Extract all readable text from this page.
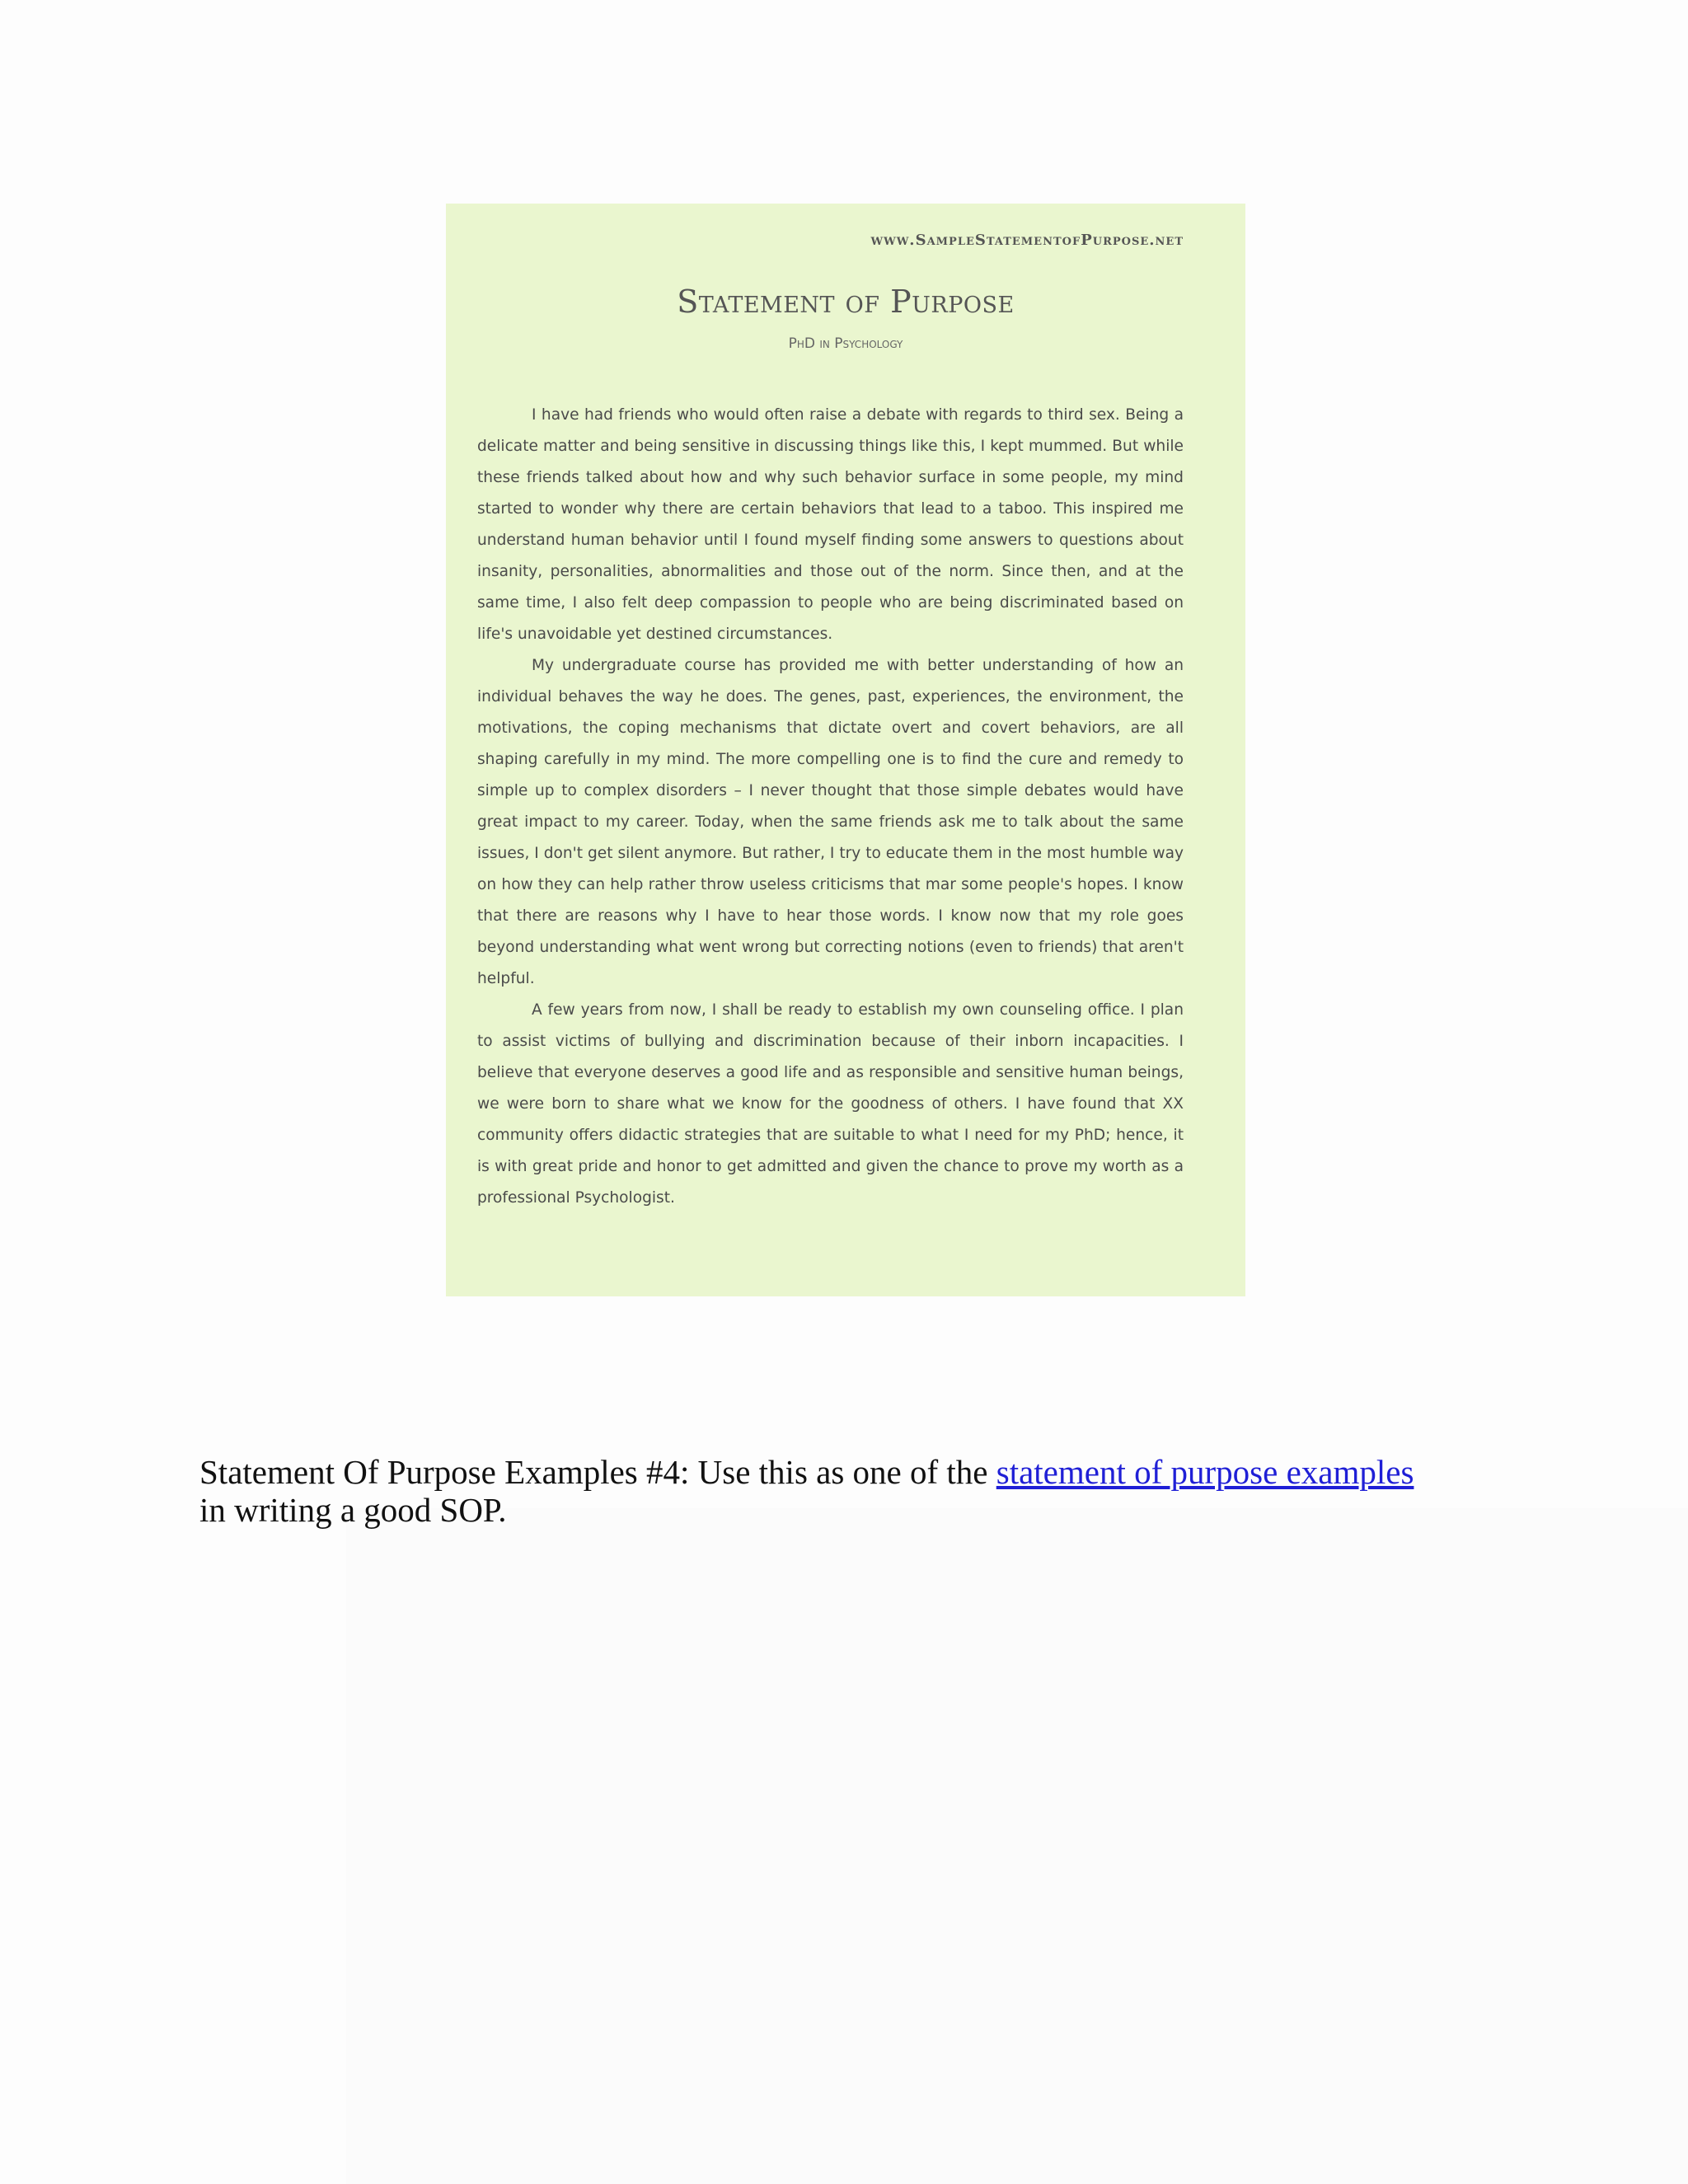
www.SampleStatementofPurpose.net
Statement of Purpose
PhD in Psychology

I have had friends who would often raise a debate with regards to third sex. Being a delicate matter and being sensitive in discussing things like this, I kept mummed. But while these friends talked about how and why such behavior surface in some people, my mind started to wonder why there are certain behaviors that lead to a taboo. This inspired me understand human behavior until I found myself finding some answers to questions about insanity, personalities, abnormalities and those out of the norm. Since then, and at the same time, I also felt deep compassion to people who are being discriminated based on life's unavoidable yet destined circumstances.

My undergraduate course has provided me with better understanding of how an individual behaves the way he does. The genes, past, experiences, the environment, the motivations, the coping mechanisms that dictate overt and covert behaviors, are all shaping carefully in my mind. The more compelling one is to find the cure and remedy to simple up to complex disorders – I never thought that those simple debates would have great impact to my career. Today, when the same friends ask me to talk about the same issues, I don't get silent anymore. But rather, I try to educate them in the most humble way on how they can help rather throw useless criticisms that mar some people's hopes. I know that there are reasons why I have to hear those words. I know now that my role goes beyond understanding what went wrong but correcting notions (even to friends) that aren't helpful.

A few years from now, I shall be ready to establish my own counseling office. I plan to assist victims of bullying and discrimination because of their inborn incapacities. I believe that everyone deserves a good life and as responsible and sensitive human beings, we were born to share what we know for the goodness of others. I have found that XX community offers didactic strategies that are suitable to what I need for my PhD; hence, it is with great pride and honor to get admitted and given the chance to prove my worth as a professional Psychologist.

Statement Of Purpose Examples #4: Use this as one of the statement of purpose examples in writing a good SOP.
